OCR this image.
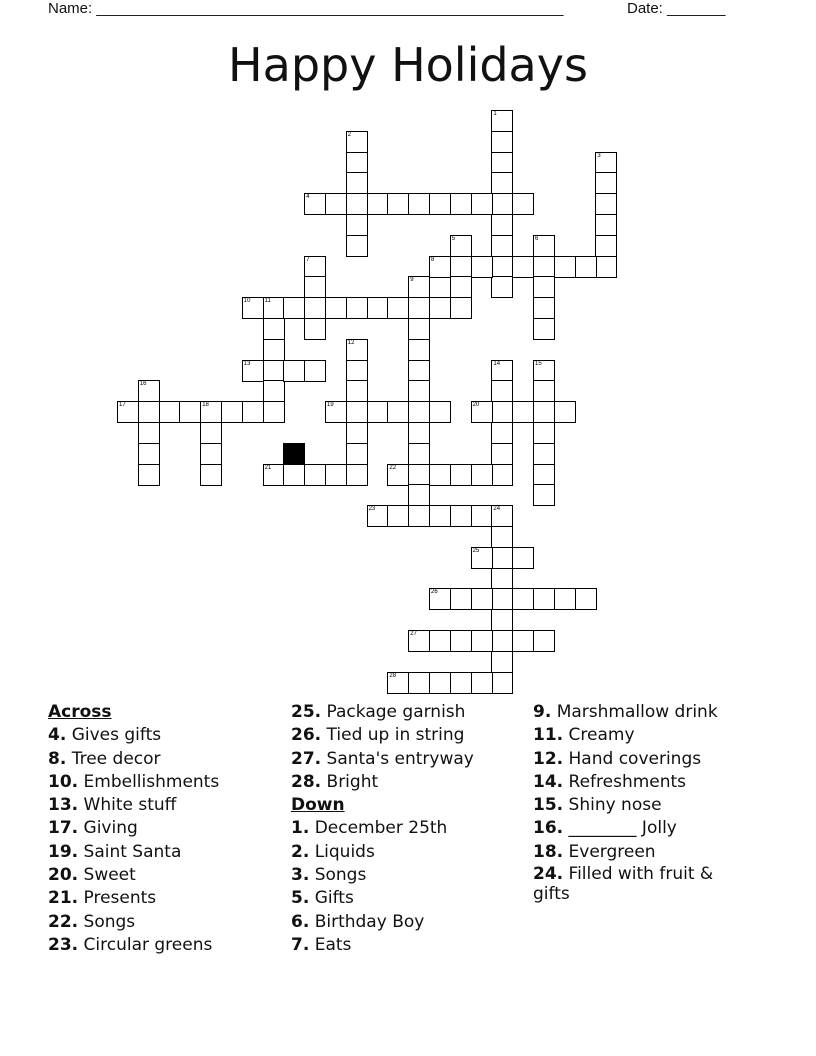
Name: ________________________________________________________	Date: _______
Happy Holidays
1
2
3
4
5	6
7	8
9
10 11
12
13	14	15
16
17	18	19	20
21	22
23	24
25
26
27
28
Across
4. Gives gifts
8. Tree decor
10. Embellishments
13. White stuff
17. Giving
19. Saint Santa
20. Sweet
21. Presents
22. Songs
23. Circular greens
25. Package garnish
26. Tied up in string
27. Santa's entryway
28. Bright
Down
1. December 25th
2. Liquids
3. Songs
5. Gifts
6. Birthday Boy
7. Eats
9. Marshmallow drink
11. Creamy
12. Hand coverings
14. Refreshments
15. Shiny nose
16. ________ Jolly
18. Evergreen
24. Filled with fruit & gifts
